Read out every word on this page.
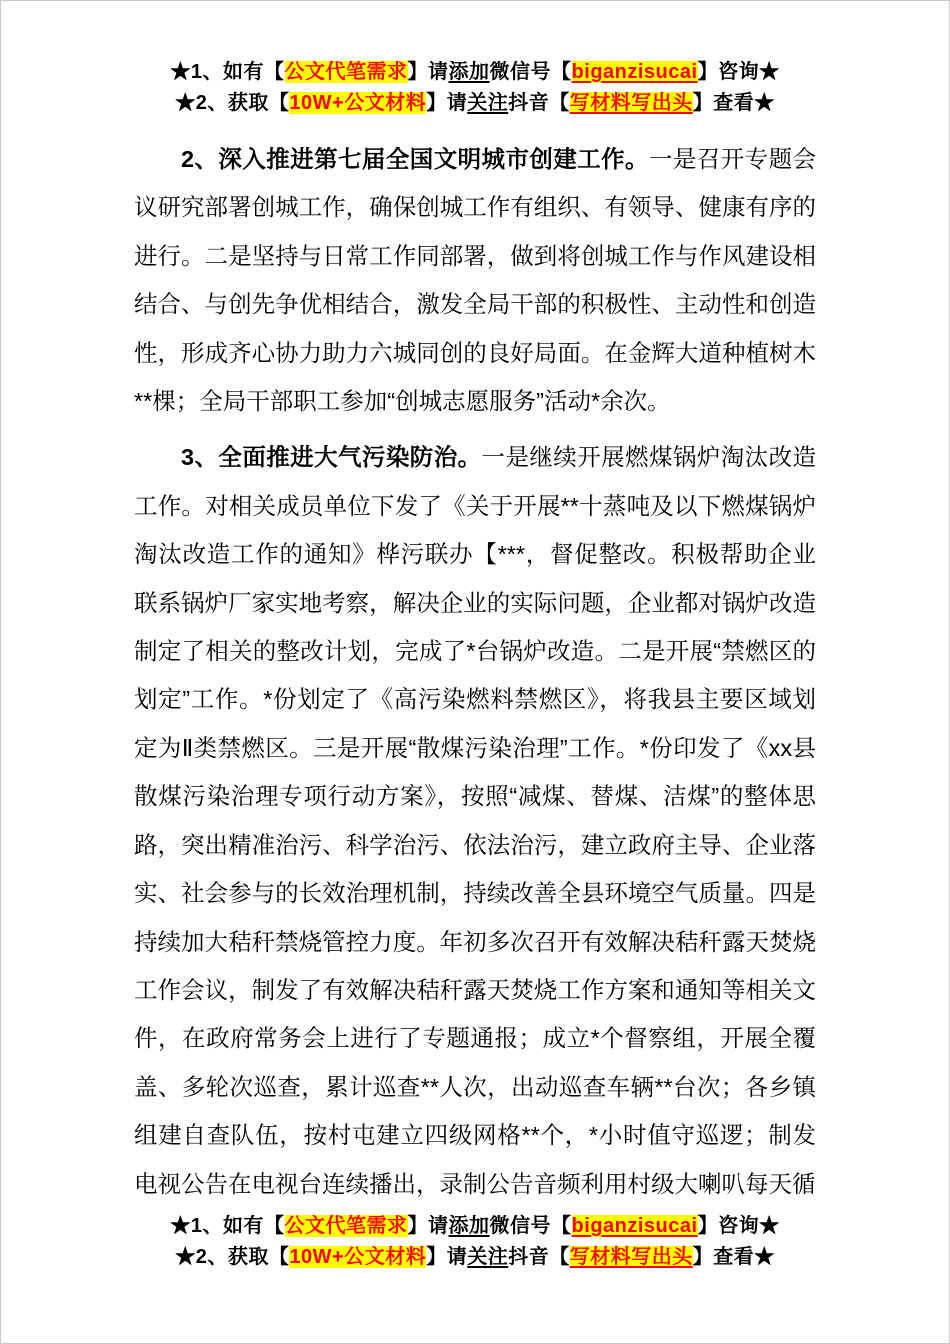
★1、如有【公文代笔需求】请添加微信号【biganzisucai】咨询★
★2、获取【10W+公文材料】请关注抖音【写材料写出头】查看★

2、深入推进第七届全国文明城市创建工作。一是召开专题会议研究部署创城工作，确保创城工作有组织、有领导、健康有序的进行。二是坚持与日常工作同部署，做到将创城工作与作风建设相结合、与创先争优相结合，激发全局干部的积极性、主动性和创造性，形成齐心协力助力六城同创的良好局面。在金辉大道种植树木**棵；全局干部职工参加“创城志愿服务”活动*余次。

3、全面推进大气污染防治。一是继续开展燃煤锅炉淘汰改造工作。对相关成员单位下发了《关于开展**十蒸吨及以下燃煤锅炉淘汰改造工作的通知》桦污联办【***，督促整改。积极帮助企业联系锅炉厂家实地考察，解决企业的实际问题，企业都对锅炉改造制定了相关的整改计划，完成了*台锅炉改造。二是开展“禁燃区的划定”工作。*份划定了《高污染燃料禁燃区》，将我县主要区域划定为Ⅱ类禁燃区。三是开展“散煤污染治理”工作。*份印发了《xx县散煤污染治理专项行动方案》，按照“减煤、替煤、洁煤”的整体思路，突出精准治污、科学治污、依法治污，建立政府主导、企业落实、社会参与的长效治理机制，持续改善全县环境空气质量。四是持续加大秸秆禁烧管控力度。年初多次召开有效解决秸秆露天焚烧工作会议，制发了有效解决秸秆露天焚烧工作方案和通知等相关文件，在政府常务会上进行了专题通报；成立*个督察组，开展全覆盖、多轮次巡查，累计巡查**人次，出动巡查车辆**台次；各乡镇组建自查队伍，按村屯建立四级网格**个，*小时值守巡逻；制发电视公告在电视台连续播出，录制公告音频利用村级大喇叭每天循

★1、如有【公文代笔需求】请添加微信号【biganzisucai】咨询★
★2、获取【10W+公文材料】请关注抖音【写材料写出头】查看★
